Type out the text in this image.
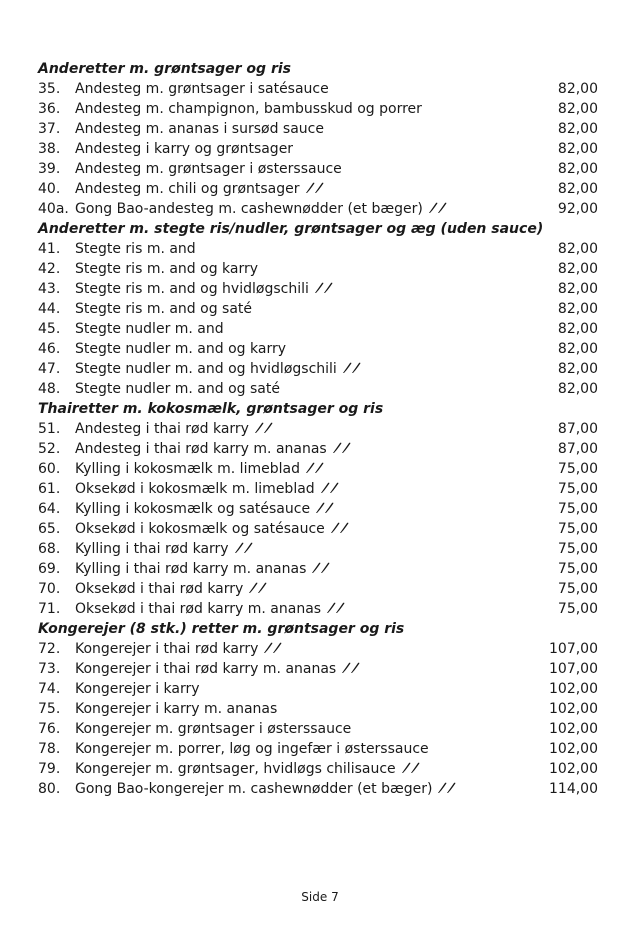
Anderetter m. grøntsager og ris
35.	Andesteg m. grøntsager i satésauce	82,00
36.	Andesteg m. champignon, bambusskud og porrer	82,00
37.	Andesteg m. ananas i sursød sauce	82,00
38.	Andesteg i karry og grøntsager	82,00
39.	Andesteg m. grøntsager i østerssauce	82,00
40.	Andesteg m. chili og grøntsager	82,00
40a. Gong Bao-andesteg m. cashewnødder (et bæger)	92,00
Anderetter m. stegte ris/nudler, grøntsager og æg (uden sauce)
41.	Stegte ris m. and	82,00
42.	Stegte ris m. and og karry	82,00
43.	Stegte ris m. and og hvidløgschili	82,00
44.	Stegte ris m. and og saté	82,00
45.	Stegte nudler m. and	82,00
46.	Stegte nudler m. and og karry	82,00
47.	Stegte nudler m. and og hvidløgschili	82,00
48.	Stegte nudler m. and og saté	82,00
Thairetter m. kokosmælk, grøntsager og ris
51.	Andesteg i thai rød karry	87,00
52.	Andesteg i thai rød karry m. ananas	87,00
60.	Kylling i kokosmælk m. limeblad	75,00
61.	Oksekød i kokosmælk m. limeblad	75,00
64.	Kylling i kokosmælk og satésauce	75,00
65.	Oksekød i kokosmælk og satésauce	75,00
68.	Kylling i thai rød karry	75,00
69.	Kylling i thai rød karry m. ananas	75,00
70.	Oksekød i thai rød karry	75,00
71.	Oksekød i thai rød karry m. ananas	75,00
Kongerejer (8 stk.) retter m. grøntsager og ris
72.	Kongerejer i thai rød karry	107,00
73.	Kongerejer i thai rød karry m. ananas	107,00
74.	Kongerejer i karry	102,00
75.	Kongerejer i karry m. ananas	102,00
76.	Kongerejer m. grøntsager i østerssauce	102,00
78.	Kongerejer m. porrer, løg og ingefær i østerssauce	102,00
79.	Kongerejer m. grøntsager, hvidløgs chilisauce	102,00
80.	Gong Bao-kongerejer m. cashewnødder (et bæger)	114,00
Side 7
